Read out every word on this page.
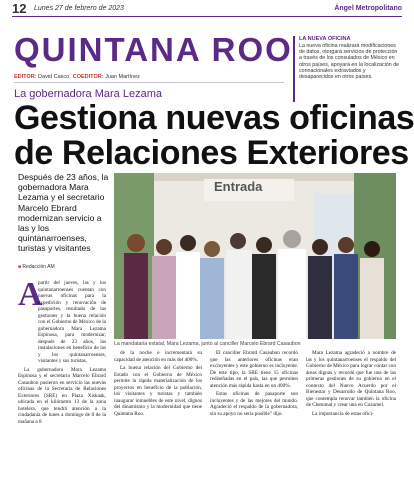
12 Lunes 27 de febrero de 2023	Ángel Metropolitano
QUINTANA ROO
EDITOR: David Casco COEDITOR: Juan Martínez
LA NUEVA OFICINA
La nueva oficina realizará modificaciones de datos, otorgará servicios de protección a través de los consulados de México en otros países, apoyará en la localización de connacionales extraviados y desaparecidos en otros países.
La gobernadora Mara Lezama
Gestiona nuevas oficinas
de Relaciones Exteriores
Después de 23 años, la gobernadora Mara Lezama y el secretario Marcelo Ebrard modernizan servicio a las y los quintanarroenses, turistas y visitantes
■ Redacción AM
Entrada
La mandataria estatal, Mara Lezama, junto al canciller Marcelo Ebrard Casaubon
A

partir del jueves, las y los quintanarroenses cuentan con nuevas oficinas para la expedición y renovación de pasaportes, resultado de las gestiones y la buena relación con el Gobierno de México de la gobernadora Mara Lezama Espinosa, para modernizar, después de 23 años, las instalaciones en beneficio de las y los quintanarroenses, visitantes y sus turistas.

La gobernadora Mara Lezama Espinosa y el secretario Marcelo Ebrard Casaubon pusieron en servicio las nuevas oficinas de la Secretaría de Relaciones Exteriores (SRE) en Plaza Xiskaak, ubicada en el kilómetro 13 de la zona hotelera, que tendrá atención a la ciudadanía de lunes a domingo de 8 de la mañana a 8

de la noche e incrementará su capacidad de atención en más del 400%.

La buena relación del Gobierno del Estado con el Gobierno de México permite la rápida materialización de los proyectos en beneficio de la población, los visitantes y turistas y también inaugurar inmuebles de este nivel, dignos del dinamismo y la modernidad que tiene Quintana Roo.

El canciller Ebrard Casaubon recordó que las anteriores oficinas eran excluyentes y este gobierno es incluyente. De este tipo, la SRE tiene 15 oficinas rediseñadas en el país, las que permiten atención más rápida hasta en un 400%.

Estas oficinas de pasaporte son incluyentes y de las mejores del mundo. Agradeció el respaldo de la gobernadora, sin su apoyo no sería posible” dijo.

Mara Lezama agradeció a nombre de las y los quintanarroenses el respaldo del Gobierno de México para lograr contar con áreas dignas y recordó que fue una de las primeras gestiones de su gobierno en el contexto del Nuevo Acuerdo por el Bienestar y Desarrollo de Quintana Roo, que contempla renovar también la oficina de Chetumal y crear una en Cozumel.

La importancia de estas ofici-
